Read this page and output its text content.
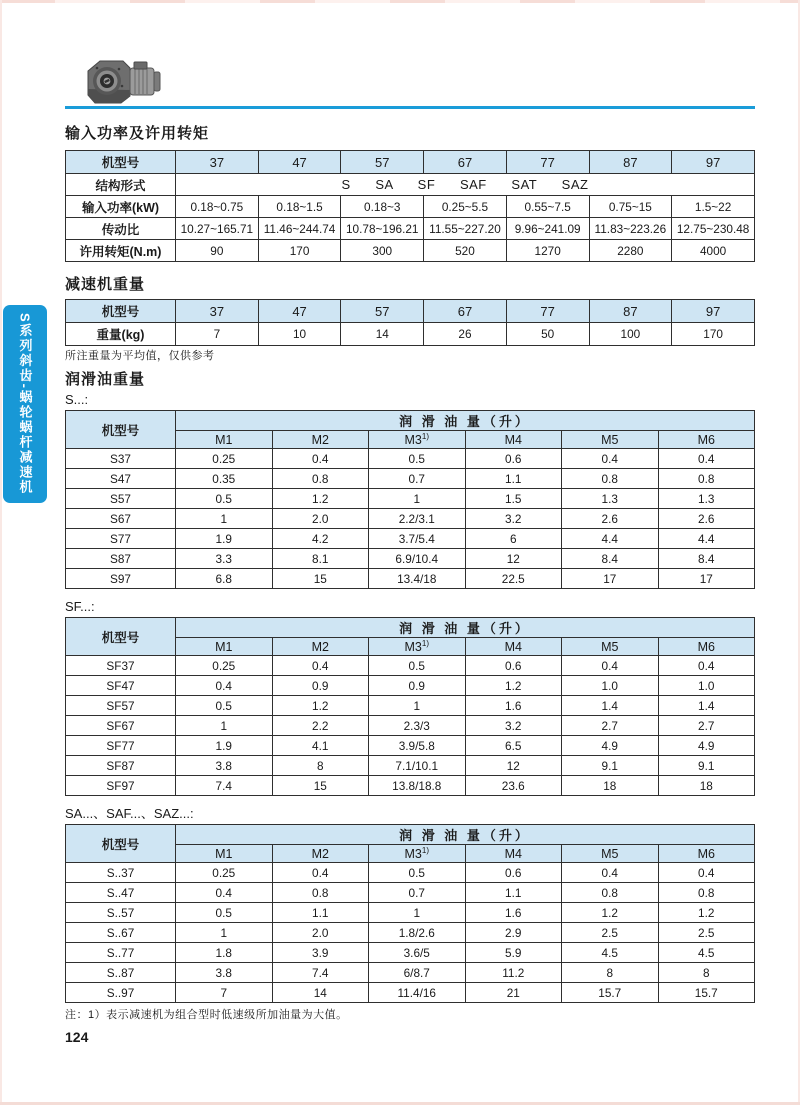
S系列斜齿-蜗轮蜗杆减速机
输入功率及许用转矩
机型号	37	47	57	67	77	87	97
结构形式	S      SA      SF      SAF      SAT      SAZ						
输入功率(kW)	0.18~0.75	0.18~1.5	0.18~3	0.25~5.5	0.55~7.5	0.75~15	1.5~22
传动比	10.27~165.71	11.46~244.74	10.78~196.21	11.55~227.20	9.96~241.09	11.83~223.26	12.75~230.48
许用转矩(N.m)	90	170	300	520	1270	2280	4000
减速机重量
机型号	37	47	57	67	77	87	97
重量(kg)	7	10	14	26	50	100	170
所注重量为平均值，仅供参考
润滑油重量
S...:
机型号	润 滑 油 量（升）					
	M1	M2	M3$^{1)}$	M4	M5	M6
S37	0.25	0.4	0.5	0.6	0.4	0.4
S47	0.35	0.8	0.7	1.1	0.8	0.8
S57	0.5	1.2	1	1.5	1.3	1.3
S67	1	2.0	2.2/3.1	3.2	2.6	2.6
S77	1.9	4.2	3.7/5.4	6	4.4	4.4
S87	3.3	8.1	6.9/10.4	12	8.4	8.4
S97	6.8	15	13.4/18	22.5	17	17
SF...:
机型号	润 滑 油 量（升）					
	M1	M2	M3$^{1)}$	M4	M5	M6
SF37	0.25	0.4	0.5	0.6	0.4	0.4
SF47	0.4	0.9	0.9	1.2	1.0	1.0
SF57	0.5	1.2	1	1.6	1.4	1.4
SF67	1	2.2	2.3/3	3.2	2.7	2.7
SF77	1.9	4.1	3.9/5.8	6.5	4.9	4.9
SF87	3.8	8	7.1/10.1	12	9.1	9.1
SF97	7.4	15	13.8/18.8	23.6	18	18
SA...、SAF...、SAZ...:
机型号	润 滑 油 量（升）					
	M1	M2	M3$^{1)}$	M4	M5	M6
S..37	0.25	0.4	0.5	0.6	0.4	0.4
S..47	0.4	0.8	0.7	1.1	0.8	0.8
S..57	0.5	1.1	1	1.6	1.2	1.2
S..67	1	2.0	1.8/2.6	2.9	2.5	2.5
S..77	1.8	3.9	3.6/5	5.9	4.5	4.5
S..87	3.8	7.4	6/8.7	11.2	8	8
S..97	7	14	11.4/16	21	15.7	15.7
注：1）表示减速机为组合型时低速级所加油量为大值。
124
